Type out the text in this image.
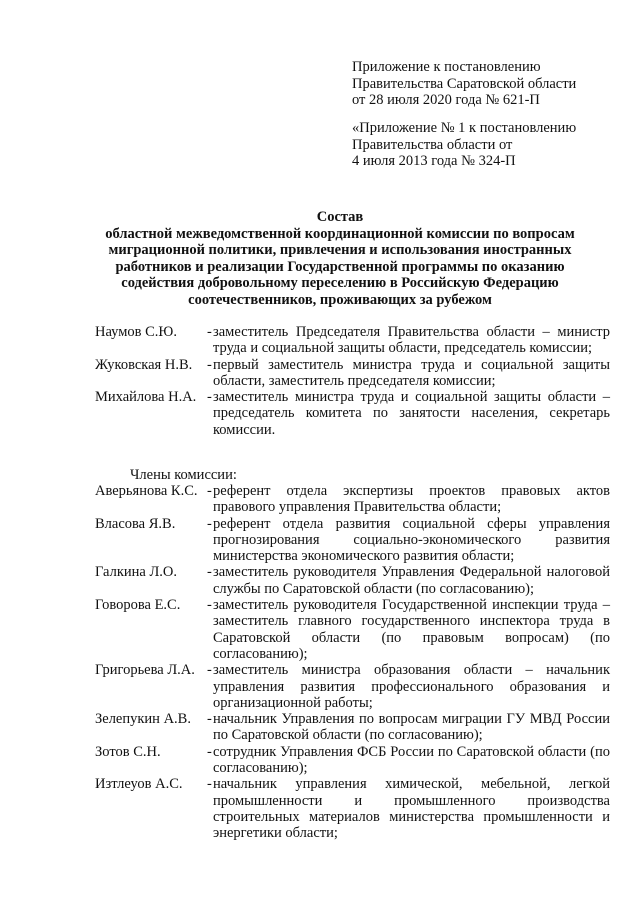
Приложение к постановлению
Правительства Саратовской области
от 28 июля 2020 года № 621-П
«Приложение № 1 к постановлению
Правительства области от
4 июля 2013 года № 324-П
Состав
областной межведомственной координационной комиссии по вопросам
миграционной политики, привлечения и использования иностранных
работников и реализации Государственной программы по оказанию
содействия добровольному переселению в Российскую Федерацию
соотечественников, проживающих за рубежом
Наумов С.Ю. - заместитель Председателя Правительства области – министр труда и социальной защиты области, председатель комиссии;
Жуковская Н.В. - первый заместитель министра труда и социальной защиты области, заместитель председателя комиссии;
Михайлова Н.А. - заместитель министра труда и социальной защиты области – председатель комитета по занятости населения, секретарь комиссии.
Члены комиссии:
Аверьянова К.С. - референт отдела экспертизы проектов правовых актов правового управления Правительства области;
Власова Я.В. - референт отдела развития социальной сферы управления прогнозирования социально-экономического развития министерства экономического развития области;
Галкина Л.О. - заместитель руководителя Управления Федеральной налоговой службы по Саратовской области (по согласованию);
Говорова Е.С. - заместитель руководителя Государственной инспекции труда – заместитель главного государственного инспектора труда в Саратовской области (по правовым вопросам) (по согласованию);
Григорьева Л.А. - заместитель министра образования области – начальник управления развития профессионального образования и организационной работы;
Зелепукин А.В. - начальник Управления по вопросам миграции ГУ МВД России по Саратовской области (по согласованию);
Зотов С.Н.	- сотрудник Управления ФСБ России по Саратовской области (по согласованию);
Изтлеуов А.С. - начальник управления химической, мебельной, легкой промышленности и промышленного производства строительных материалов министерства промышленности и энергетики области;
